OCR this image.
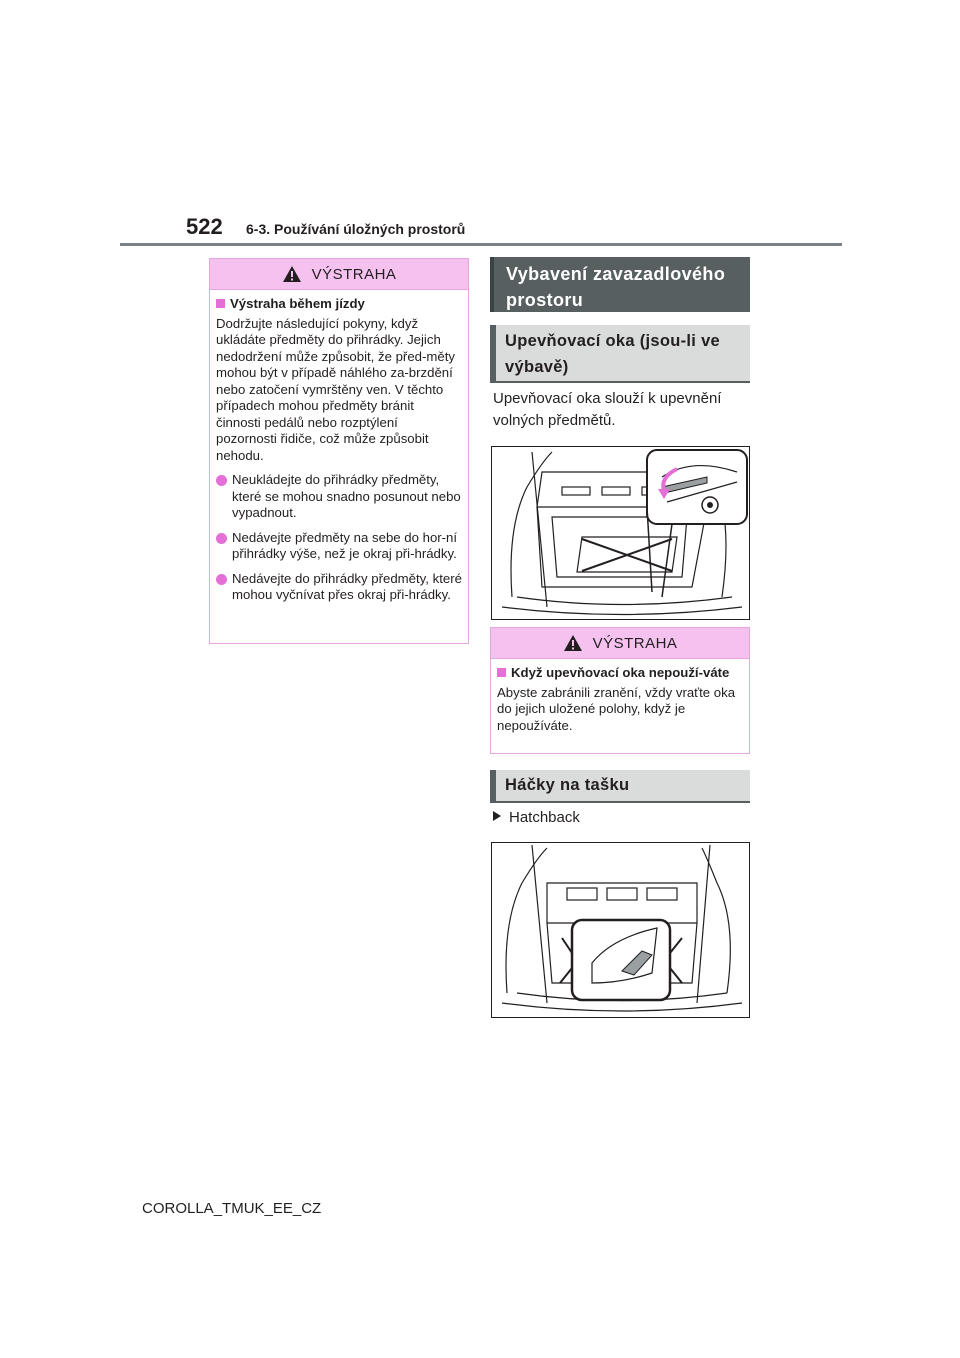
522 6-3. Používání úložných prostorů
VÝSTRAHA
Výstraha během jízdy
Dodržujte následující pokyny, když ukládáte předměty do přihrádky. Jejich nedodržení může způsobit, že před-měty mohou být v případě náhlého za-brzdění nebo zatočení vymrštěny ven. V těchto případech mohou předměty bránit činnosti pedálů nebo rozptýlení pozornosti řidiče, což může způsobit nehodu.
Neukládejte do přihrádky předměty, které se mohou snadno posunout nebo vypadnout.
Nedávejte předměty na sebe do hor-ní přihrádky výše, než je okraj při-hrádky.
Nedávejte do přihrádky předměty, které mohou vyčnívat přes okraj při-hrádky.
Vybavení zavazadlového prostoru
Upevňovací oka (jsou-li ve výbavě)
Upevňovací oka slouží k upevnění volných předmětů.
VÝSTRAHA
Když upevňovací oka nepouží-váte
Abyste zabránili zranění, vždy vraťte oka do jejich uložené polohy, když je nepoužíváte.
Háčky na tašku
Hatchback
COROLLA_TMUK_EE_CZ
